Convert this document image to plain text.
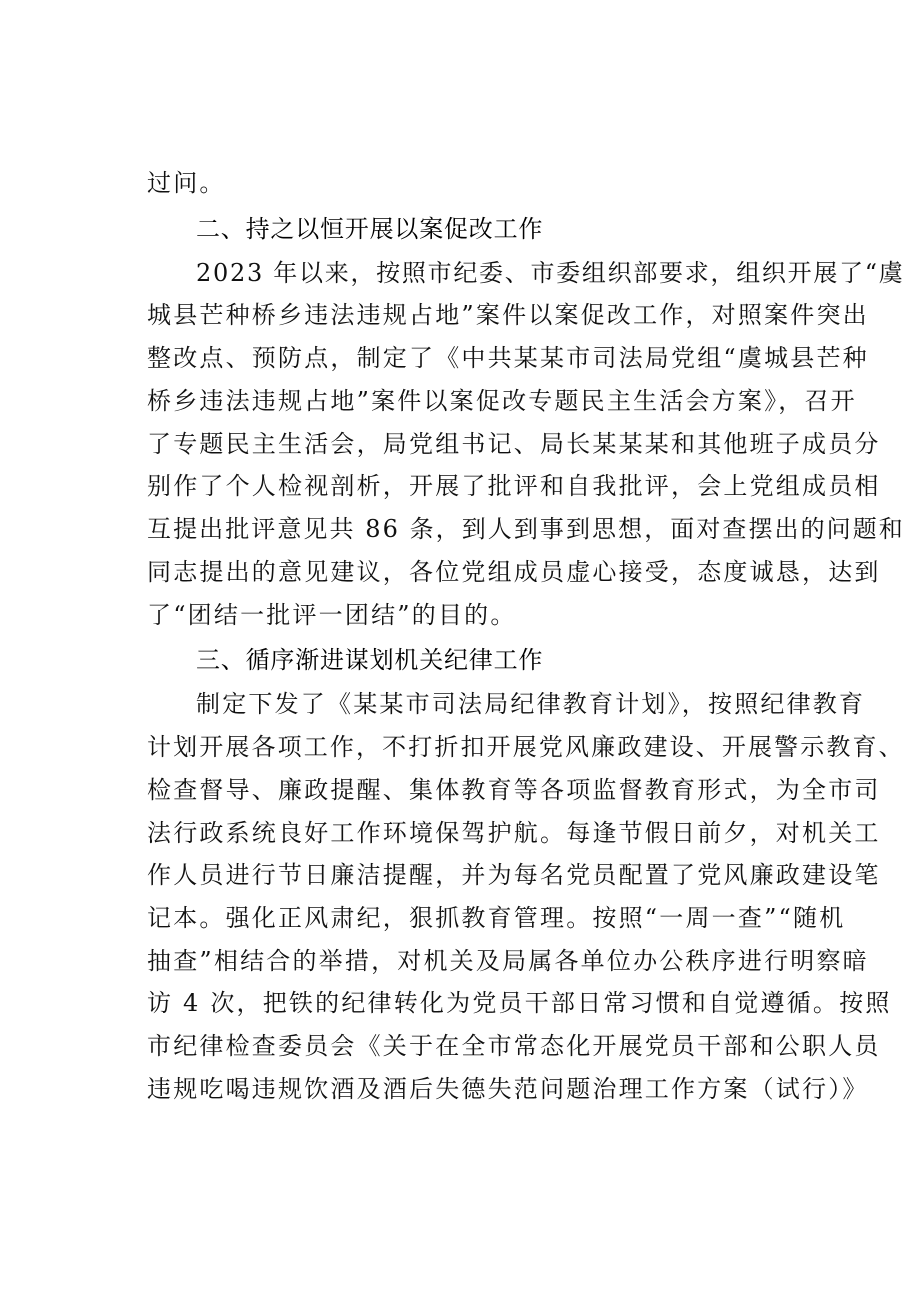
过问。

二、持之以恒开展以案促改工作

2023 年以来，按照市纪委、市委组织部要求，组织开展了“虞

城县芒种桥乡违法违规占地”案件以案促改工作，对照案件突出

整改点、预防点，制定了《中共某某市司法局党组“虞城县芒种

桥乡违法违规占地”案件以案促改专题民主生活会方案》，召开

了专题民主生活会，局党组书记、局长某某某和其他班子成员分

别作了个人检视剖析，开展了批评和自我批评，会上党组成员相

互提出批评意见共 86 条，到人到事到思想，面对查摆出的问题和

同志提出的意见建议，各位党组成员虚心接受，态度诚恳，达到

了“团结一批评一团结”的目的。

三、循序渐进谋划机关纪律工作

制定下发了《某某市司法局纪律教育计划》，按照纪律教育

计划开展各项工作，不打折扣开展党风廉政建设、开展警示教育、

检查督导、廉政提醒、集体教育等各项监督教育形式，为全市司

法行政系统良好工作环境保驾护航。每逢节假日前夕，对机关工

作人员进行节日廉洁提醒，并为每名党员配置了党风廉政建设笔

记本。强化正风肃纪，狠抓教育管理。按照“一周一查”“随机

抽查”相结合的举措，对机关及局属各单位办公秩序进行明察暗

访 4 次，把铁的纪律转化为党员干部日常习惯和自觉遵循。按照

市纪律检查委员会《关于在全市常态化开展党员干部和公职人员

违规吃喝违规饮酒及酒后失德失范问题治理工作方案（试行）》
